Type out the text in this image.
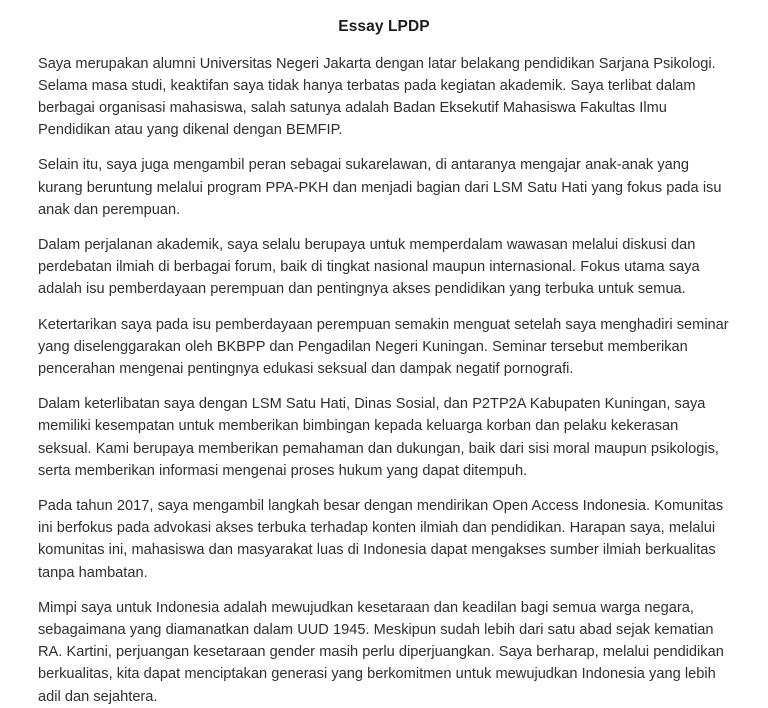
Essay LPDP

Saya merupakan alumni Universitas Negeri Jakarta dengan latar belakang pendidikan Sarjana Psikologi. Selama masa studi, keaktifan saya tidak hanya terbatas pada kegiatan akademik. Saya terlibat dalam berbagai organisasi mahasiswa, salah satunya adalah Badan Eksekutif Mahasiswa Fakultas Ilmu Pendidikan atau yang dikenal dengan BEMFIP.

Selain itu, saya juga mengambil peran sebagai sukarelawan, di antaranya mengajar anak-anak yang kurang beruntung melalui program PPA-PKH dan menjadi bagian dari LSM Satu Hati yang fokus pada isu anak dan perempuan.

Dalam perjalanan akademik, saya selalu berupaya untuk memperdalam wawasan melalui diskusi dan perdebatan ilmiah di berbagai forum, baik di tingkat nasional maupun internasional. Fokus utama saya adalah isu pemberdayaan perempuan dan pentingnya akses pendidikan yang terbuka untuk semua.

Ketertarikan saya pada isu pemberdayaan perempuan semakin menguat setelah saya menghadiri seminar yang diselenggarakan oleh BKBPP dan Pengadilan Negeri Kuningan. Seminar tersebut memberikan pencerahan mengenai pentingnya edukasi seksual dan dampak negatif pornografi.

Dalam keterlibatan saya dengan LSM Satu Hati, Dinas Sosial, dan P2TP2A Kabupaten Kuningan, saya memiliki kesempatan untuk memberikan bimbingan kepada keluarga korban dan pelaku kekerasan seksual. Kami berupaya memberikan pemahaman dan dukungan, baik dari sisi moral maupun psikologis, serta memberikan informasi mengenai proses hukum yang dapat ditempuh.

Pada tahun 2017, saya mengambil langkah besar dengan mendirikan Open Access Indonesia. Komunitas ini berfokus pada advokasi akses terbuka terhadap konten ilmiah dan pendidikan. Harapan saya, melalui komunitas ini, mahasiswa dan masyarakat luas di Indonesia dapat mengakses sumber ilmiah berkualitas tanpa hambatan.

Mimpi saya untuk Indonesia adalah mewujudkan kesetaraan dan keadilan bagi semua warga negara, sebagaimana yang diamanatkan dalam UUD 1945. Meskipun sudah lebih dari satu abad sejak kematian RA. Kartini, perjuangan kesetaraan gender masih perlu diperjuangkan. Saya berharap, melalui pendidikan berkualitas, kita dapat menciptakan generasi yang berkomitmen untuk mewujudkan Indonesia yang lebih adil dan sejahtera.
